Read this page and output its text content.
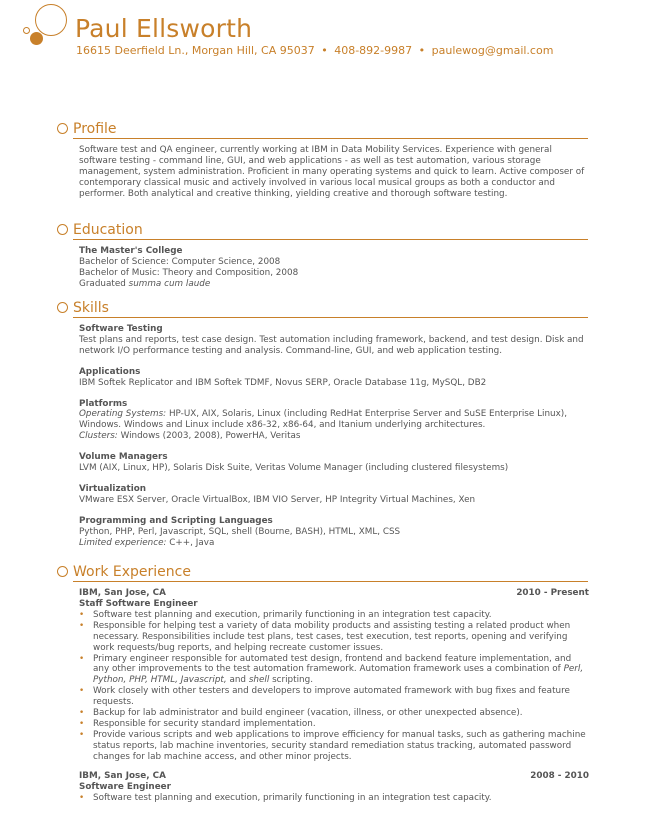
Paul Ellsworth
16615 Deerfield Ln., Morgan Hill, CA 95037 • 408-892-9987 • paulewog@gmail.com
Profile

Software test and QA engineer, currently working at IBM in Data Mobility Services. Experience with general software testing - command line, GUI, and web applications - as well as test automation, various storage management, system administration. Proficient in many operating systems and quick to learn. Active composer of contemporary classical music and actively involved in various local musical groups as both a conductor and performer. Both analytical and creative thinking, yielding creative and thorough software testing.

Education

The Master's College

Bachelor of Science: Computer Science, 2008

Bachelor of Music: Theory and Composition, 2008

Graduated summa cum laude

Skills

Software Testing

Test plans and reports, test case design. Test automation including framework, backend, and test design. Disk and network I/O performance testing and analysis. Command-line, GUI, and web application testing.

Applications

IBM Softek Replicator and IBM Softek TDMF, Novus SERP, Oracle Database 11g, MySQL, DB2

Platforms

Operating Systems: HP-UX, AIX, Solaris, Linux (including RedHat Enterprise Server and SuSE Enterprise Linux), Windows. Windows and Linux include x86-32, x86-64, and Itanium underlying architectures.

Clusters: Windows (2003, 2008), PowerHA, Veritas

Volume Managers

LVM (AIX, Linux, HP), Solaris Disk Suite, Veritas Volume Manager (including clustered filesystems)

Virtualization

VMware ESX Server, Oracle VirtualBox, IBM VIO Server, HP Integrity Virtual Machines, Xen

Programming and Scripting Languages

Python, PHP, Perl, Javascript, SQL, shell (Bourne, BASH), HTML, XML, CSS

Limited experience: C++, Java

Work Experience
IBM, San Jose, CA	2010 - Present

Staff Software Engineer

• Software test planning and execution, primarily functioning in an integration test capacity.
• Responsible for helping test a variety of data mobility products and assisting testing a related product when necessary. Responsibilities include test plans, test cases, test execution, test reports, opening and verifying work requests/bug reports, and helping recreate customer issues.
• Primary engineer responsible for automated test design, frontend and backend feature implementation, and any other improvements to the test automation framework. Automation framework uses a combination of Perl, Python, PHP, HTML, Javascript, and shell scripting.
• Work closely with other testers and developers to improve automated framework with bug fixes and feature requests.
• Backup for lab administrator and build engineer (vacation, illness, or other unexpected absence).
• Responsible for security standard implementation.
• Provide various scripts and web applications to improve efficiency for manual tasks, such as gathering machine status reports, lab machine inventories, security standard remediation status tracking, automated password changes for lab machine access, and other minor projects.
IBM, San Jose, CA	2008 - 2010

Software Engineer

• Software test planning and execution, primarily functioning in an integration test capacity.
